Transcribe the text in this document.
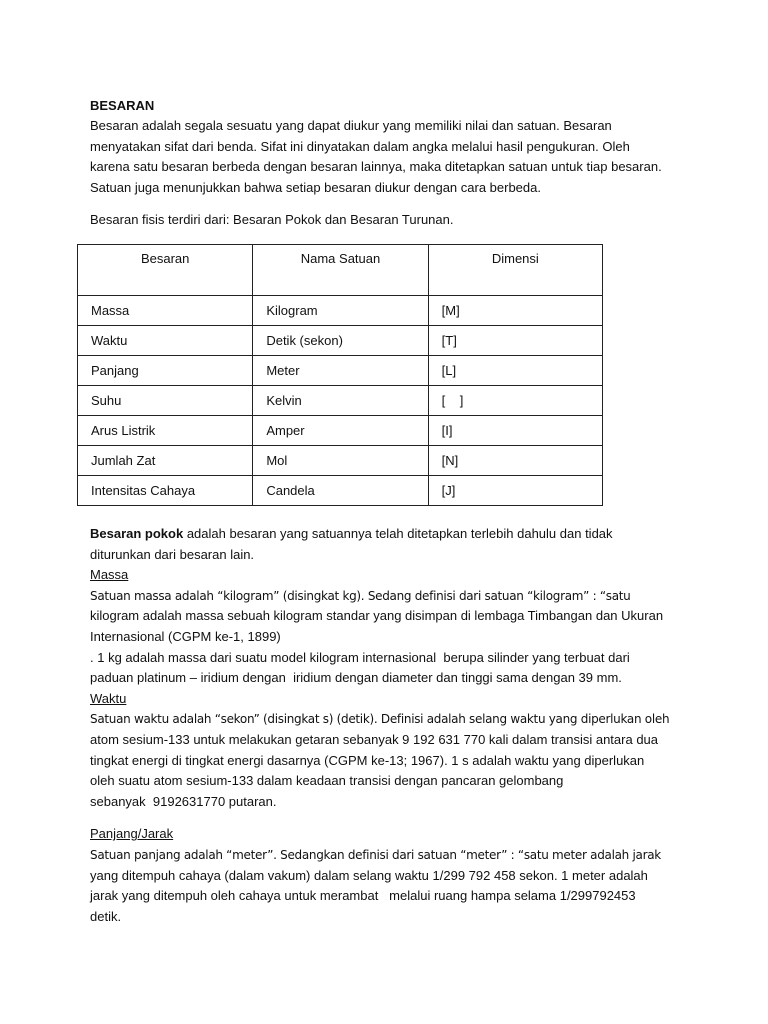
BESARAN

Besaran adalah segala sesuatu yang dapat diukur yang memiliki nilai dan satuan. Besaran

menyatakan sifat dari benda. Sifat ini dinyatakan dalam angka melalui hasil pengukuran. Oleh

karena satu besaran berbeda dengan besaran lainnya, maka ditetapkan satuan untuk tiap besaran.

Satuan juga menunjukkan bahwa setiap besaran diukur dengan cara berbeda.

Besaran fisis terdiri dari: Besaran Pokok dan Besaran Turunan.

Besaran	Nama Satuan	Dimensi
Massa	Kilogram	[M]
Waktu	Detik (sekon)	[T]
Panjang	Meter	[L]
Suhu	Kelvin	[    ]
Arus Listrik	Amper	[I]
Jumlah Zat	Mol	[N]
Intensitas Cahaya	Candela	[J]

Besaran pokok adalah besaran yang satuannya telah ditetapkan terlebih dahulu dan tidak

diturunkan dari besaran lain.

Massa

Satuan massa adalah “kilogram” (disingkat kg). Sedang definisi dari satuan “kilogram” : “satu

kilogram adalah massa sebuah kilogram standar yang disimpan di lembaga Timbangan dan Ukuran

Internasional (CGPM ke-1, 1899)

. 1 kg adalah massa dari suatu model kilogram internasional  berupa silinder yang terbuat dari

paduan platinum – iridium dengan  iridium dengan diameter dan tinggi sama dengan 39 mm.

Waktu

Satuan waktu adalah “sekon” (disingkat s) (detik). Definisi adalah selang waktu yang diperlukan oleh

atom sesium-133 untuk melakukan getaran sebanyak 9 192 631 770 kali dalam transisi antara dua

tingkat energi di tingkat energi dasarnya (CGPM ke-13; 1967). 1 s adalah waktu yang diperlukan

oleh suatu atom sesium-133 dalam keadaan transisi dengan pancaran gelombang

sebanyak  9192631770 putaran.

Panjang/Jarak

Satuan panjang adalah “meter”. Sedangkan definisi dari satuan “meter” : “satu meter adalah jarak

yang ditempuh cahaya (dalam vakum) dalam selang waktu 1/299 792 458 sekon. 1 meter adalah

jarak yang ditempuh oleh cahaya untuk merambat   melalui ruang hampa selama 1/299792453

detik.
